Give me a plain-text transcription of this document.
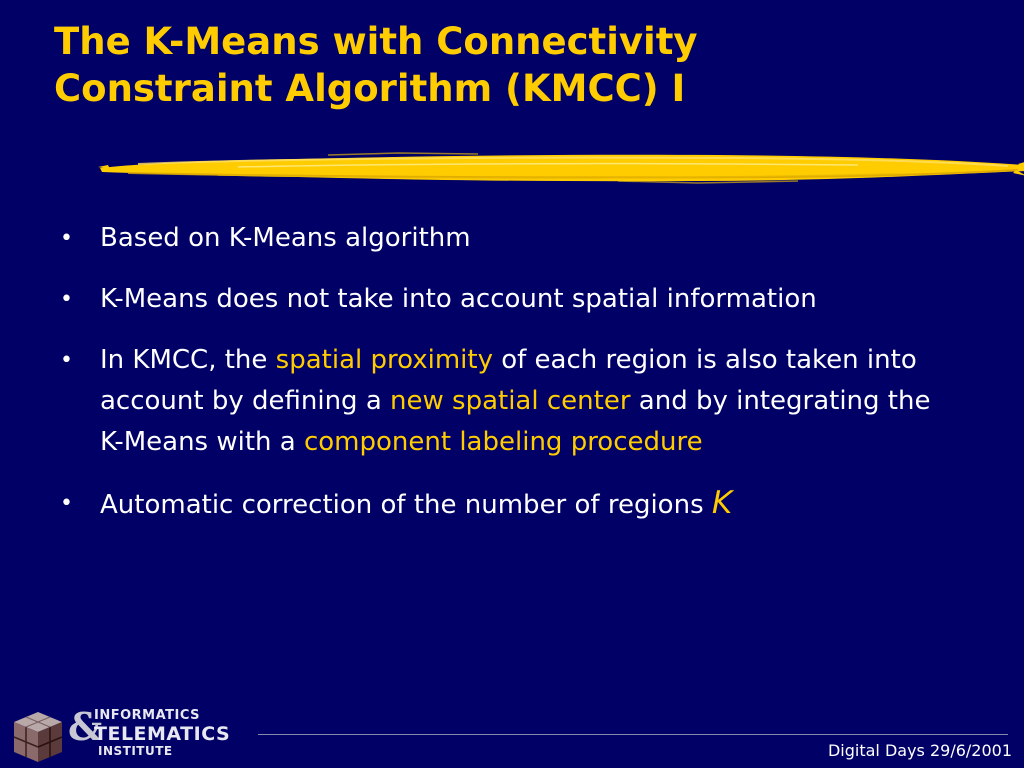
The K-Means with Connectivity
Constraint Algorithm (KMCC) I
• Based on K-Means algorithm
• K-Means does not take into account spatial information
• In KMCC, the spatial proximity of each region is also taken into account by defining a new spatial center and by integrating the K-Means with a component labeling procedure
• Automatic correction of the number of regions K
&
INFORMATICS
TELEMATICS
INSTITUTE	Digital Days 29/6/2001
